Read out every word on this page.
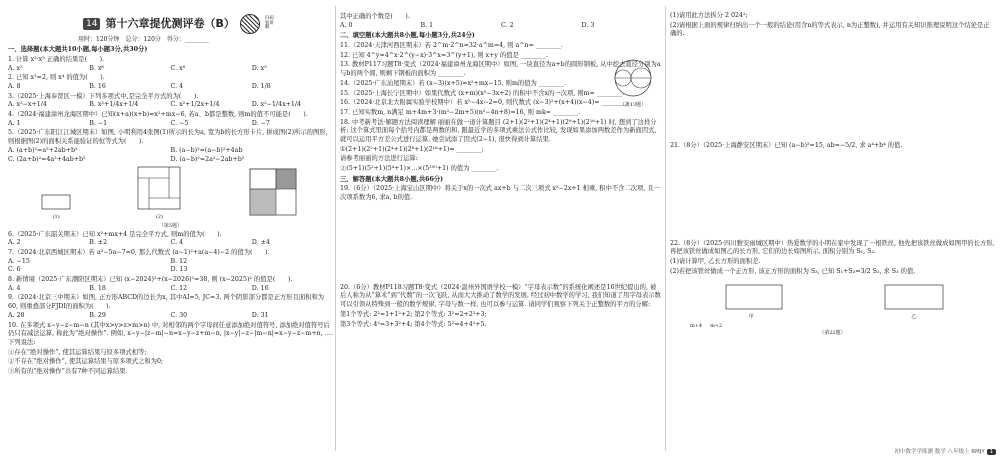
14 第十六章提优测评卷（B）	扫码看讲解
用时：120分钟　总分：120分　得分：________
一、选择题(本大题共10小题,每小题3分,共30分)
1. 计算 x²·x³ 正确的结果是(　　).
A. x⁵	B. x⁶	C. x⁸	D. x⁹
2. 已知 x²=2, 则 x⁴ 的值为(　　).
A. 8	B. 16	C. 4	D. 1/8
3.（2025·上海奉贤区一模）下列多项式中,是完全平方式的为(　　).
A. x²−x+1/4	B. x²+1/4x+1/4	C. x²+1/2x+1/4	D. x²−1/4x+1/4
4.（2024·福建漳州龙海区期中）已知(x+a)(x+b)=x²+mx−6, 若a、b都是整数, 则m的值不可能是(　　).
A. 1	B. −1	C. −5	D. −7
5.（2025·广东阳江江城区期末）如图, 小明利用4张图(1)所示的长为a, 宽为b的长方形卡片, 拼成图(2)所示的图形, 则根据图(2)的面积关系能验证的恒等式为(　　).
A. (a+b)²=a²+2ab+b²	B. (a−b)²=(a−b)²+4ab
C. (2a+b)²=4a²+4ab+b²	D. (a−b)²=2a²−2ab+b²
(1)	(2)
（第5题）
6.（2025·广东韶关期末）已知 x²+mx+4 是完全平方式, 则m的值为(　　).
A. 2	B. ±2	C. 4	D. ±4
7.（2024·北京西城区期末）若 a²−5a−7=0, 那么代数式 (a−1)²+a(a−4)−2 的值为(　　).
A. −15	B. 12
C. 6	D. 13
8. 新情境（2025·广东潮阳区期末）已知 (x−2024)²+(x−2026)²=38, 则 (x−2025)² 的值是(　　).
A. 4	B. 18	C. 12	D. 16
9.（2024·北京三中期末）如图, 正方形ABCD的边长为x, 其中AI=5, JC=3, 两个阴影部分都是正方形且面积和为60, 则重叠部分FJDI的面积为(　　).
A. 28	B. 29	C. 30	D. 31
10. 在多项式 x−y−z−m−n (其中x>y>z>m>n) 中, 对相邻的两个字母间任意添加绝对值符号, 添加绝对值符号后仍只有减法运算, 称此为“绝对操作”. 例如, x−y−|z−m|−n=x−y−z+m−n, |x−y|−z−|m−n|=x−y−z−m+n, …. 下列说法:
①存在“绝对操作”, 使其运算结果与原多项式相等;
②不存在“绝对操作”, 使其运算结果与原多项式之和为0;
③所有的“绝对操作”共有7种不同运算结果.
其中正确的个数是(　　).
A. 0	B. 1	C. 2	D. 3
二、填空题(本大题共8小题,每小题3分,共24分)
11.（2024·天津河西区期末）若 2^m·2^n=32·a^m=4, 则 a^n= ________.
12. 已知 4^y=4^x·2^(y−x)·3^x=3^(y+1), 则 x+y 的值是 ________.
13. 教材P117习题T8·变式（2024·福建漳州龙海区期中）如图, 一块直径为a+b的圆形钢板, 从中挖去直径分别为a与b的两个圆, 则剩下钢板的面积为 ________.
14.（2025·广东汕尾期末）若 (x−3)(x+5)=x²+mx−15, 则m的值为 ________.
15.（2025·上海长宁区期中）如果代数式 (x+m)(x²−3x+2) 的积中不含x的一次项, 则m= ________.
16.（2024·北京北大附属实验学校期中）若 x²−4x−2=0, 则代数式 (x−3)²+(x+4)(x−4)= ________.
17. 已知实数m, n满足 m+4m+3·(m²−2m+5)(n²−4n+8)=16, 则 mk= ________.
18. 中考新考法·解题方法阅读理解 丽丽在做一道计算题目 (2+1)(2²+1)(2⁴+1)(2⁸+1)(2¹⁶+1) 时, 想到了这样分析: 这个算式里面每个括号内都是两数的和, 跟最近学的多项式乘法公式作比较, 发现如果添加两数差作为新面因式, 就可以运用平方差公式进行运算, 她尝试添了因式(2−1), 很快得到计算结果.
①(2+1)(2²+1)(2⁴+1)(2⁸+1)(2¹⁶+1)= ________;
请参考丽丽的方法进行运算:
②(5+1)(5²+1)(5⁴+1)×…×(5¹⁰⁰+1) 的值为 ________.
三、解答题(本大题共8小题,共66分)
19.（6分）（2025·上海宝山区期中）将关于x的一次式 ax+b 与二次三项式 x²−2x+1 相乘, 积中不含二次项, 且一次项系数为6, 求a, b的值.
（第13题）
20.（6分）教材P118习题T8·变式（2024·温州外国语学校一模）“字母表示数”的系统化阐述是16世纪提出的, 被后人称为从“算术”到“代数”的一次飞跃, 从而大大推动了数学的发展. 经过初中数学的学习, 我们知道了用字母表示数可以引领从特殊到一般的数学规律, 字母与数一样, 也可以参与运算. 请同学们观察下列关于正整数的平方的分解:
第1个等式: 2²=1+1²+2; 第2个等式: 3²=2+2²+3;
第3个等式: 4²=3+3²+4; 第4个等式: 5²=4+4²+5.
(1)请用此方法拆分 2 024²;
(2)请根据上面的规律归纳出一个一般的结论(用含n的等式表示, n为正整数), 并运用有关知识推理说明这个结论是正确的.
21.（8分）（2025·上海静安区期末）已知 (a−b)²=15, ab=−5/2, 求 a⁴+b⁴ 的值.
22.（8分）（2025·四川雅安雨城区期中）热爱数学的小明在家中发现了一根铁丝, 他先把该铁丝做成如图甲的长方形, 再把该铁丝做成如图乙的长方形, 它们的边长如图所示, 面积分别为 S₁, S₂.
(1)请计算甲, 乙长方形的面积差.
(2)若把该铁丝做成一个正方形, 该正方形的面积为 S₃, 已知 S₁+S₃=3/2 S₂, 求 S₃ 的值.
甲	乙
m+4 m+2
（第22题）
初中数学学练测 数学 八年级上 RMJY 1
